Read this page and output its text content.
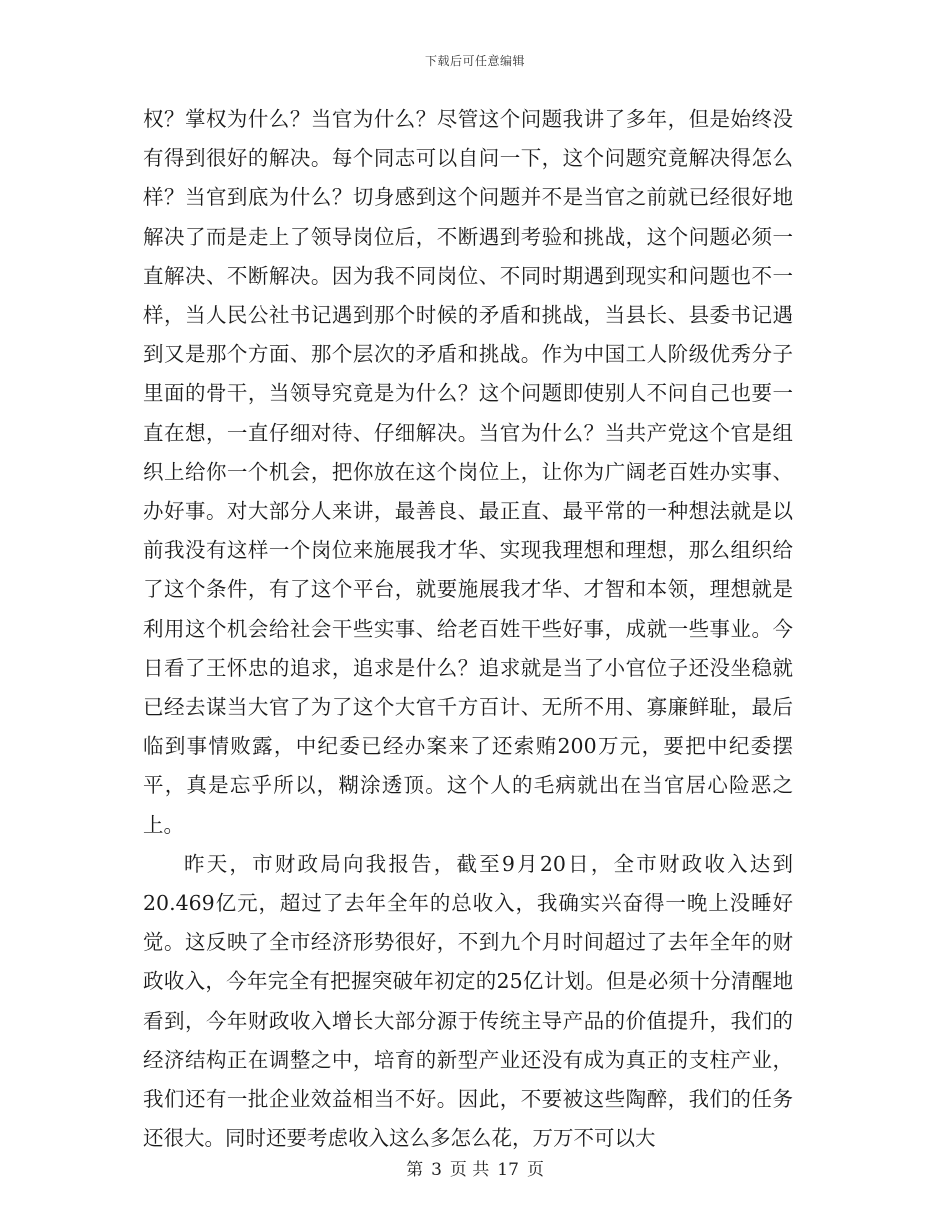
下载后可任意编辑

权？掌权为什么？当官为什么？尽管这个问题我讲了多年，但是始终没有得到很好的解决。每个同志可以自问一下，这个问题究竟解决得怎么样？当官到底为什么？切身感到这个问题并不是当官之前就已经很好地解决了而是走上了领导岗位后，不断遇到考验和挑战，这个问题必须一直解决、不断解决。因为我不同岗位、不同时期遇到现实和问题也不一样，当人民公社书记遇到那个时候的矛盾和挑战，当县长、县委书记遇到又是那个方面、那个层次的矛盾和挑战。作为中国工人阶级优秀分子里面的骨干，当领导究竟是为什么？这个问题即使别人不问自己也要一直在想，一直仔细对待、仔细解决。当官为什么？当共产党这个官是组织上给你一个机会，把你放在这个岗位上，让你为广阔老百姓办实事、办好事。对大部分人来讲，最善良、最正直、最平常的一种想法就是以前我没有这样一个岗位来施展我才华、实现我理想和理想，那么组织给了这个条件，有了这个平台，就要施展我才华、才智和本领，理想就是利用这个机会给社会干些实事、给老百姓干些好事，成就一些事业。今日看了王怀忠的追求，追求是什么？追求就是当了小官位子还没坐稳就已经去谋当大官了为了这个大官千方百计、无所不用、寡廉鲜耻，最后临到事情败露，中纪委已经办案来了还索贿200万元，要把中纪委摆平，真是忘乎所以，糊涂透顶。这个人的毛病就出在当官居心险恶之上。

昨天，市财政局向我报告，截至9月20日，全市财政收入达到20.469亿元，超过了去年全年的总收入，我确实兴奋得一晚上没睡好觉。这反映了全市经济形势很好，不到九个月时间超过了去年全年的财政收入，今年完全有把握突破年初定的25亿计划。但是必须十分清醒地看到，今年财政收入增长大部分源于传统主导产品的价值提升，我们的经济结构正在调整之中，培育的新型产业还没有成为真正的支柱产业，我们还有一批企业效益相当不好。因此，不要被这些陶醉，我们的任务还很大。同时还要考虑收入这么多怎么花，万万不可以大

第 3 页 共 17 页
